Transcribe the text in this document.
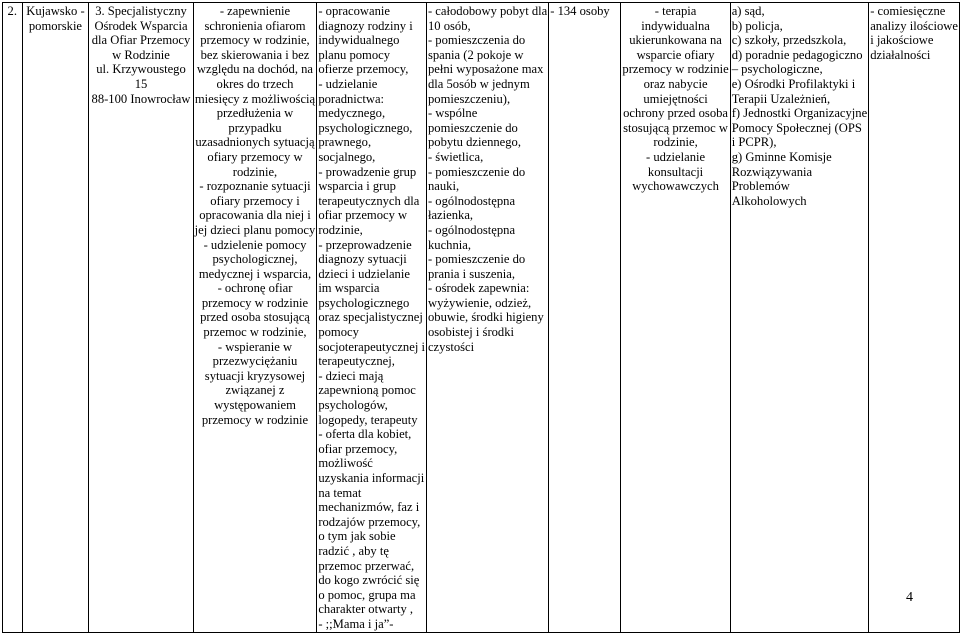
2.	Kujawsko -
pomorskie

3. Specjalistyczny
Ośrodek Wsparcia
dla Ofiar Przemocy
w Rodzinie
ul. Krzywoustego
15
88-100 Inowrocław

- zapewnienie
schronienia ofiarom
przemocy w rodzinie,
bez skierowania i bez
względu na dochód, na
okres do trzech
miesięcy z możliwością
przedłużenia w
przypadku
uzasadnionych sytuacją
ofiary przemocy w
rodzinie,
- rozpoznanie sytuacji
ofiary przemocy i
opracowania dla niej i
jej dzieci planu pomocy
- udzielenie pomocy
psychologicznej,
medycznej i wsparcia,
- ochronę ofiar
przemocy w rodzinie
przed osoba stosującą
przemoc w rodzinie,
- wspieranie w
przezwyciężaniu
sytuacji kryzysowej
związanej z
występowaniem
przemocy w rodzinie

- opracowanie
diagnozy rodziny i
indywidualnego
planu pomocy
ofierze przemocy,
- udzielanie
poradnictwa:
medycznego,
psychologicznego,
prawnego,
socjalnego,
- prowadzenie grup
wsparcia i grup
terapeutycznych dla
ofiar przemocy w
rodzinie,
- przeprowadzenie
diagnozy sytuacji
dzieci i udzielanie
im wsparcia
psychologicznego
oraz specjalistycznej
pomocy
socjoterapeutycznej i
terapeutycznej,
- dzieci mają
zapewnioną pomoc
psychologów,
logopedy, terapeuty
- oferta dla kobiet,
ofiar przemocy,
możliwość
uzyskania informacji
na temat
mechanizmów, faz i
rodzajów przemocy,
o tym jak sobie
radzić , aby tę
przemoc przerwać,
do kogo zwrócić się
o pomoc, grupa ma
charakter otwarty ,
- ;;Mama i ja”-

- całodobowy pobyt dla
10 osób,
- pomieszczenia do
spania (2 pokoje w
pełni wyposażone max
dla 5osób w jednym
pomieszczeniu),
- wspólne
pomieszczenie do
pobytu dziennego,
- świetlica,
- pomieszczenie do
nauki,
- ogólnodostępna
łazienka,
- ogólnodostępna
kuchnia,
- pomieszczenie do
prania i suszenia,
- ośrodek zapewnia:
wyżywienie, odzież,
obuwie, środki higieny
osobistej i środki
czystości

- 134 osoby	- terapia
indywidualna
ukierunkowana na
wsparcie ofiary
przemocy w rodzinie
oraz nabycie
umiejętności
ochrony przed osoba
stosującą przemoc w
rodzinie,
- udzielanie
konsultacji
wychowawczych

a) sąd,
b) policja,
c) szkoły, przedszkola,
d) poradnie pedagogiczno
– psychologiczne,
e) Ośrodki Profilaktyki i
Terapii Uzależnień,
f) Jednostki Organizacyjne
Pomocy Społecznej (OPS
i PCPR),
g) Gminne Komisje
Rozwiązywania
Problemów
Alkoholowych

- comiesięczne
analizy ilościowe
i jakościowe
działalności
4
